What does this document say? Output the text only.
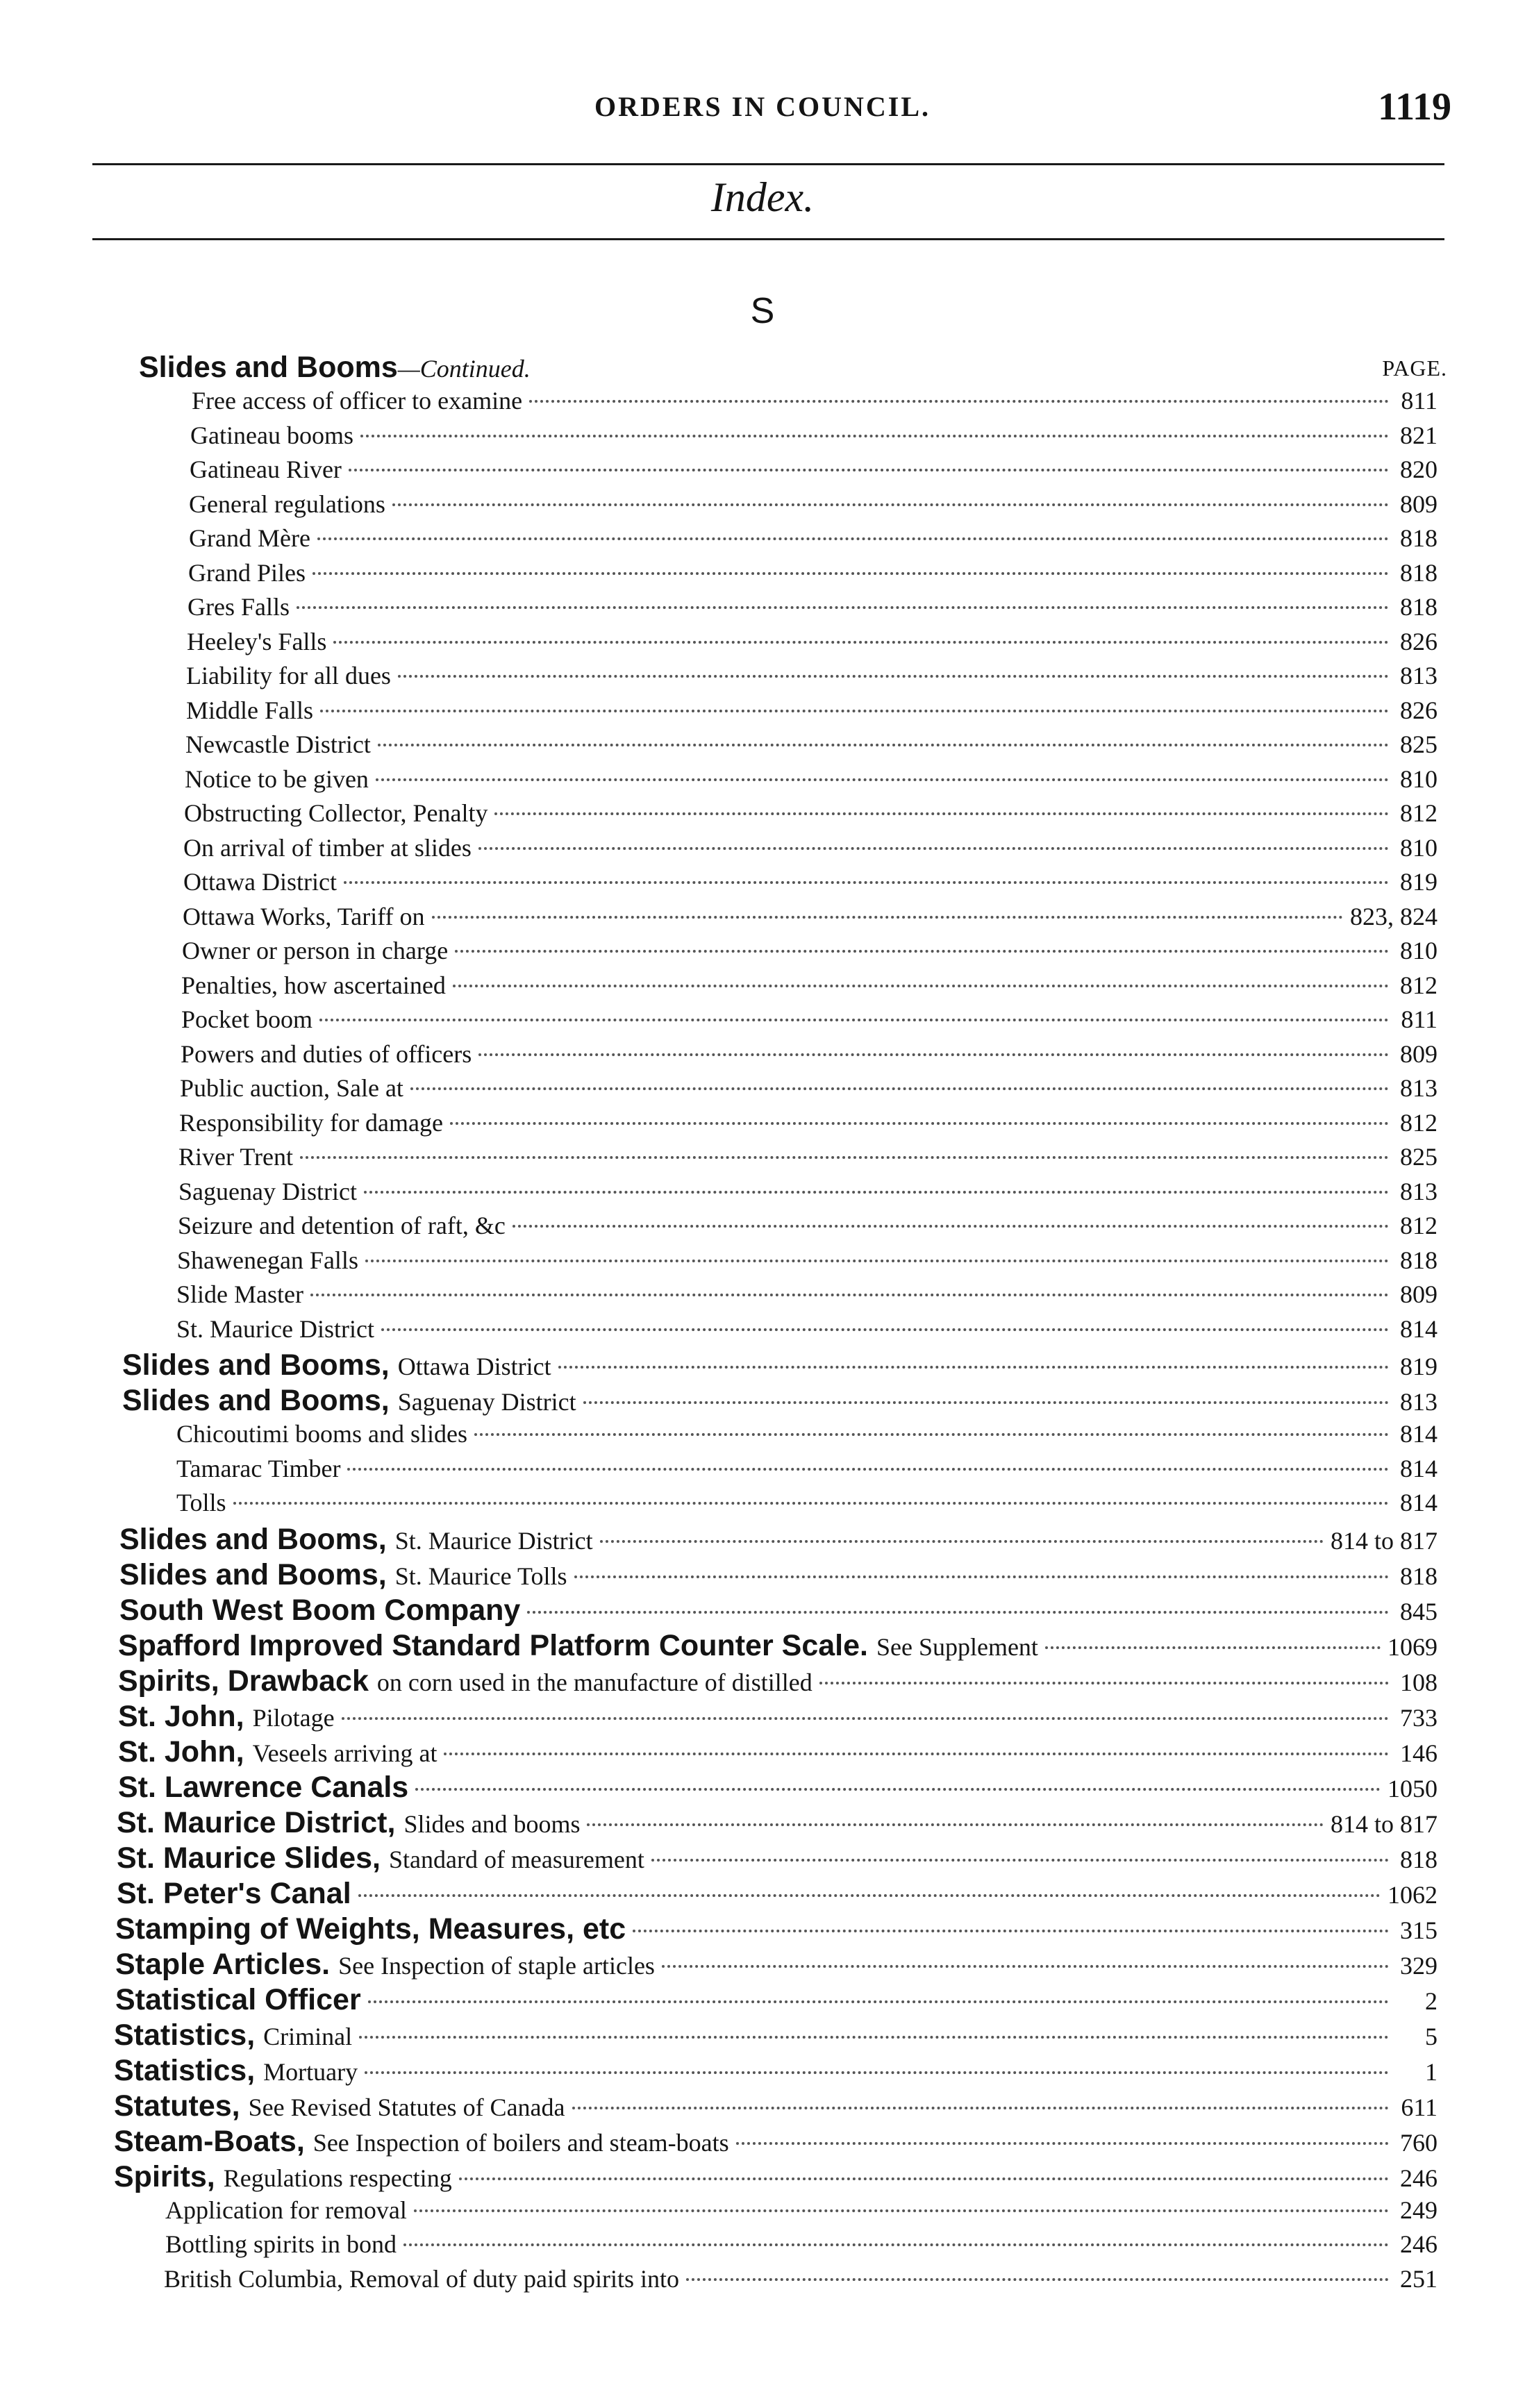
ORDERS IN COUNCIL.	1119
Index.
S
PAGE.
Slides and Booms —Continued.
Free access of officer to examine	811
Gatineau booms	821
Gatineau River	820
General regulations	809
Grand Mère	818
Grand Piles	818
Gres Falls	818
Heeley's Falls	826
Liability for all dues	813
Middle Falls	826
Newcastle District	825
Notice to be given	810
Obstructing Collector, Penalty	812
On arrival of timber at slides	810
Ottawa District	819
Ottawa Works, Tariff on	823, 824
Owner or person in charge	810
Penalties, how ascertained	812
Pocket boom	811
Powers and duties of officers	809
Public auction, Sale at	813
Responsibility for damage	812
River Trent	825
Saguenay District	813
Seizure and detention of raft, &c	812
Shawenegan Falls	818
Slide Master	809
St. Maurice District	814
Slides and Booms, Ottawa District	819
Slides and Booms, Saguenay District	813
Chicoutimi booms and slides	814
Tamarac Timber	814
Tolls	814
Slides and Booms, St. Maurice District	814 to 817
Slides and Booms, St. Maurice Tolls	818
South West Boom Company	845
Spafford Improved Standard Platform Counter Scale. See Supplement	1069
Spirits, Drawback on corn used in the manufacture of distilled	108
St. John, Pilotage	733
St. John, Veseels arriving at	146
St. Lawrence Canals	1050
St. Maurice District, Slides and booms	814 to 817
St. Maurice Slides, Standard of measurement	818
St. Peter's Canal	1062
Stamping of Weights, Measures, etc	315
Staple Articles. See Inspection of staple articles	329
Statistical Officer	2
Statistics, Criminal	5
Statistics, Mortuary	1
Statutes, See Revised Statutes of Canada	611
Steam-Boats, See Inspection of boilers and steam-boats	760
Spirits, Regulations respecting	246
Application for removal	249
Bottling spirits in bond	246
British Columbia, Removal of duty paid spirits into	251
